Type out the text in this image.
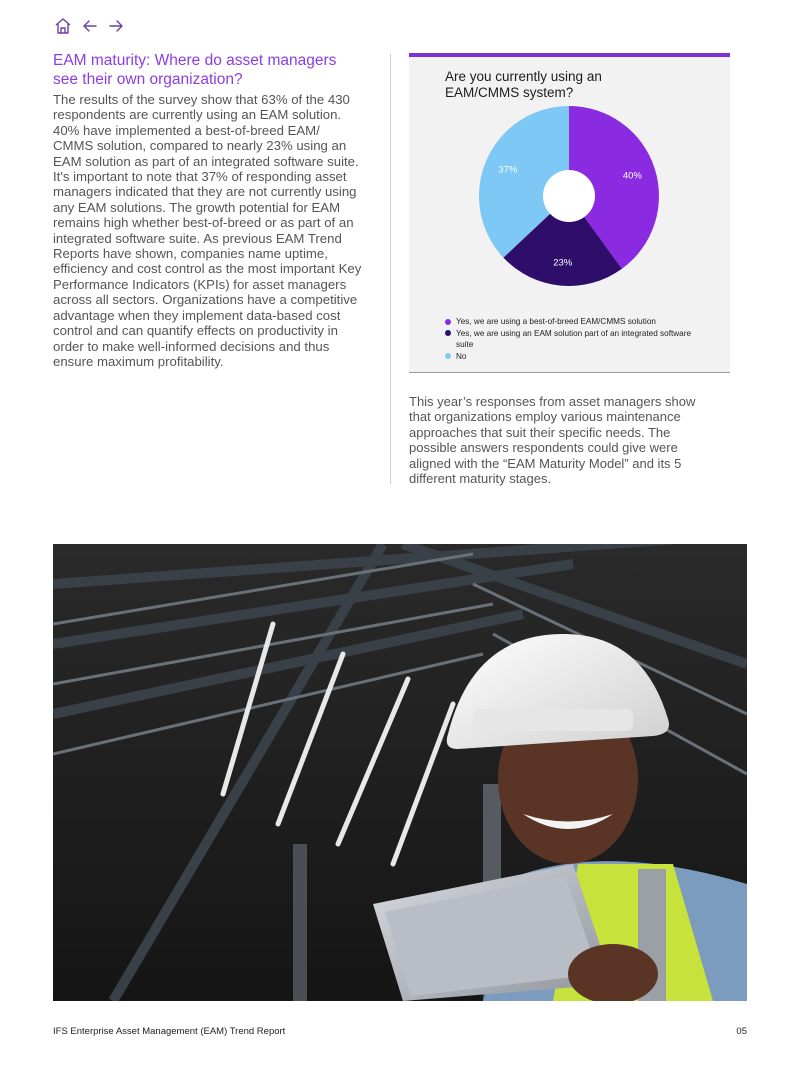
EAM maturity: Where do asset managers see their own organization?

The results of the survey show that 63% of the 430 respondents are currently using an EAM solution. 40% have implemented a best-of-breed EAM/ CMMS solution, compared to nearly 23% using an EAM solution as part of an integrated software suite. It's important to note that 37% of responding asset managers indicated that they are not currently using any EAM solutions. The growth potential for EAM remains high whether best-of-breed or as part of an integrated software suite. As previous EAM Trend Reports have shown, companies name uptime, efficiency and cost control as the most important Key Performance Indicators (KPIs) for asset managers across all sectors. Organizations have a competitive advantage when they implement data-based cost control and can quantify effects on productivity in order to make well-informed decisions and thus ensure maximum profitability.

Are you currently using an EAM/CMMS system?
40%
23%
37%
Yes, we are using a best-of-breed EAM/CMMS solution
Yes, we are using an EAM solution part of an integrated software suite
No

This year’s responses from asset managers show that organizations employ various maintenance approaches that suit their specific needs. The possible answers respondents could give were aligned with the “EAM Maturity Model” and its 5 different maturity stages.

IFS Enterprise Asset Management (EAM) Trend Report	05
